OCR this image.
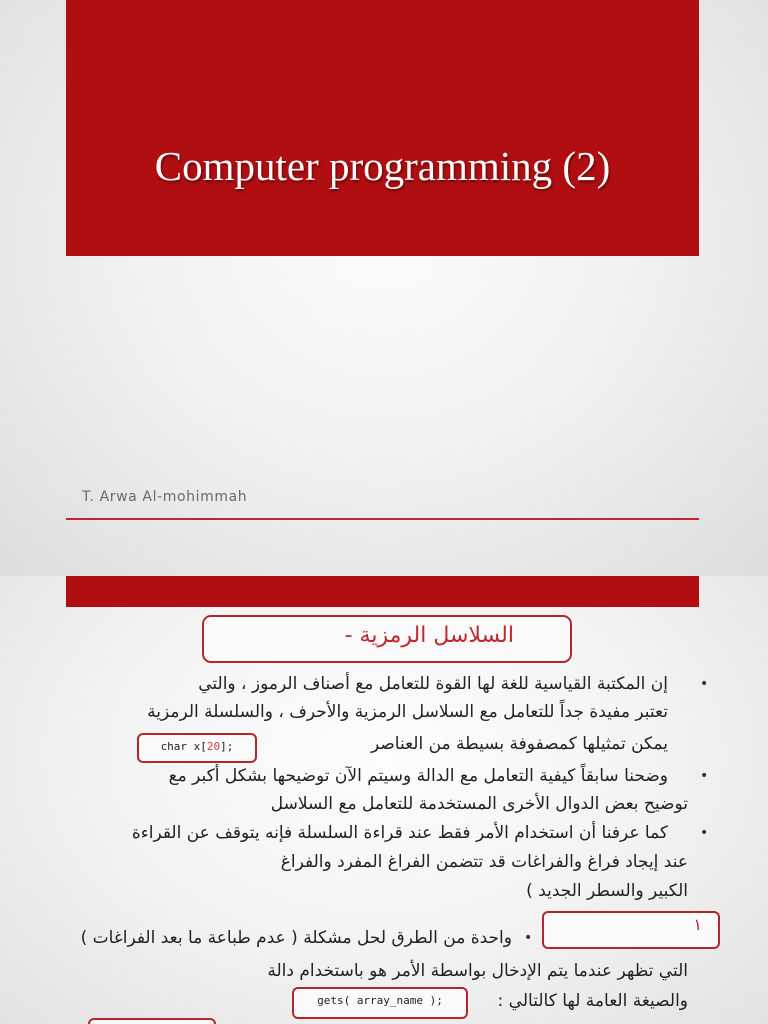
Computer programming (2)
T. Arwa Al-mohimmah
السلاسل الرمزية -
•
إن المكتبة القياسية للغة لها القوة للتعامل مع أصناف الرموز ، والتي
تعتبر مفيدة جداً للتعامل مع السلاسل الرمزية والأحرف ، والسلسلة الرمزية
يمكن تمثيلها كمصفوفة بسيطة من العناصر
char x[20];
•
وضحنا سابقاً كيفية التعامل مع الدالة وسيتم الآن توضيحها بشكل أكبر مع
توضيح بعض الدوال الأخرى المستخدمة للتعامل مع السلاسل
•
كما عرفنا أن استخدام الأمر فقط عند قراءة السلسلة فإنه يتوقف عن القراءة
عند إيجاد فراغ والفراغات قد تتضمن الفراغ المفرد والفراغ
الكبير والسطر الجديد )
١
•
واحدة من الطرق لحل مشكلة ( عدم طباعة ما بعد الفراغات )
التي تظهر عندما يتم الإدخال بواسطة الأمر هو باستخدام دالة
والصيغة العامة لها كالتالي :
gets( array_name );
